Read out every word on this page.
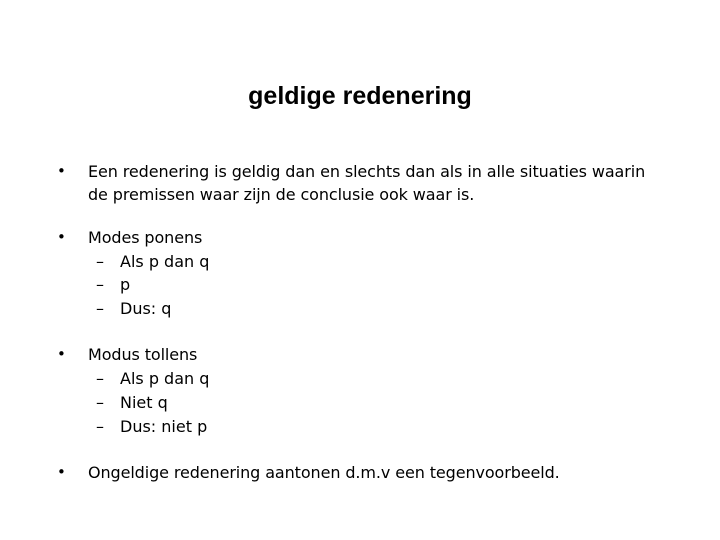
geldige redenering
• Een redenering is geldig dan en slechts dan als in alle situaties waarin
de premissen waar zijn de conclusie ook waar is.
• Modes ponens
– Als p dan q
– p
– Dus: q
• Modus tollens
– Als p dan q
– Niet q
– Dus: niet p
• Ongeldige redenering aantonen d.m.v een tegenvoorbeeld.
